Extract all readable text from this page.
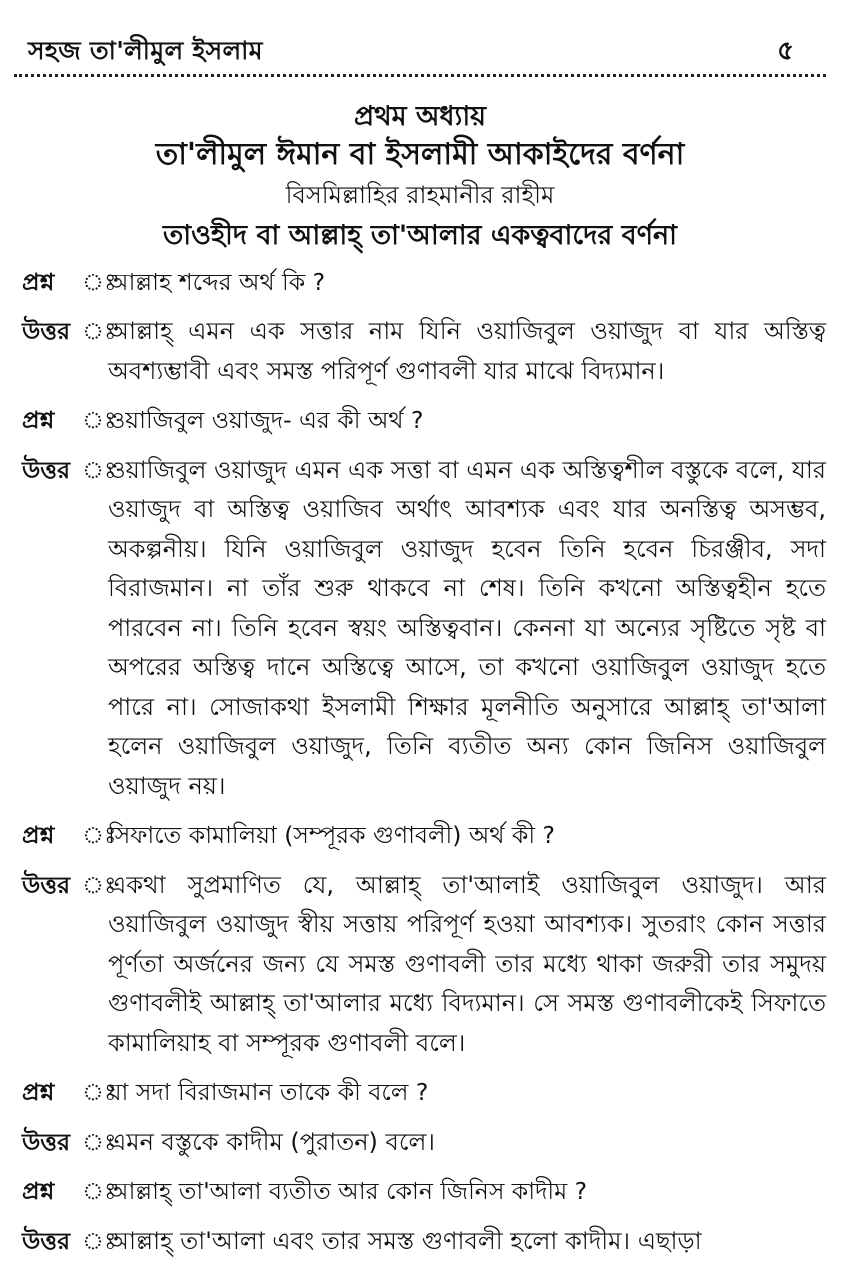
সহজ তা'লীমুল ইসলাম	৫
প্রথম অধ্যায়
তা'লীমুল ঈমান বা ইসলামী আকাইদের বর্ণনা
বিসমিল্লাহির রাহমানীর রাহীম
তাওহীদ বা আল্লাহ্ তা'আলার একত্ববাদের বর্ণনা
প্রশ্ন	ঃ
আল্লাহ শব্দের অর্থ কি ?
উত্তর ঃ
আল্লাহ্ এমন এক সত্তার নাম যিনি ওয়াজিবুল ওয়াজুদ বা যার অস্তিত্ব অবশ্যম্ভাবী এবং সমস্ত পরিপূর্ণ গুণাবলী যার মাঝে বিদ্যমান।
প্রশ্ন	ঃ
ওয়াজিবুল ওয়াজুদ- এর কী অর্থ ?
উত্তর ঃ
ওয়াজিবুল ওয়াজুদ এমন এক সত্তা বা এমন এক অস্তিত্বশীল বস্তুকে বলে, যার ওয়াজুদ বা অস্তিত্ব ওয়াজিব অর্থাৎ আবশ্যক এবং যার অনস্তিত্ব অসম্ভব, অকল্পনীয়। যিনি ওয়াজিবুল ওয়াজুদ হবেন তিনি হবেন চিরঞ্জীব, সদা বিরাজমান। না তাঁর শুরু থাকবে না শেষ। তিনি কখনো অস্তিত্বহীন হতে পারবেন না। তিনি হবেন স্বয়ং অস্তিত্ববান। কেননা যা অন্যের সৃষ্টিতে সৃষ্ট বা অপরের অস্তিত্ব দানে অস্তিত্বে আসে, তা কখনো ওয়াজিবুল ওয়াজুদ হতে পারে না। সোজাকথা ইসলামী শিক্ষার মূলনীতি অনুসারে আল্লাহ্ তা'আলা হলেন ওয়াজিবুল ওয়াজুদ, তিনি ব্যতীত অন্য কোন জিনিস ওয়াজিবুল ওয়াজুদ নয়।
প্রশ্ন	ঃ
সিফাতে কামালিয়া (সম্পূরক গুণাবলী) অর্থ কী ?
উত্তর ঃ
একথা সুপ্রমাণিত যে, আল্লাহ্ তা'আলাই ওয়াজিবুল ওয়াজুদ। আর ওয়াজিবুল ওয়াজুদ স্বীয় সত্তায় পরিপূর্ণ হওয়া আবশ্যক। সুতরাং কোন সত্তার পূর্ণতা অর্জনের জন্য যে সমস্ত গুণাবলী তার মধ্যে থাকা জরুরী তার সমুদয় গুণাবলীই আল্লাহ্ তা'আলার মধ্যে বিদ্যমান। সে সমস্ত গুণাবলীকেই সিফাতে কামালিয়াহ বা সম্পূরক গুণাবলী বলে।
প্রশ্ন	ঃ
যা সদা বিরাজমান তাকে কী বলে ?
উত্তর ঃ
এমন বস্তুকে কাদীম (পুরাতন) বলে।
প্রশ্ন	ঃ
আল্লাহ্ তা'আলা ব্যতীত আর কোন জিনিস কাদীম ?
উত্তর ঃ
আল্লাহ্ তা'আলা এবং তার সমস্ত গুণাবলী হলো কাদীম। এছাড়া
